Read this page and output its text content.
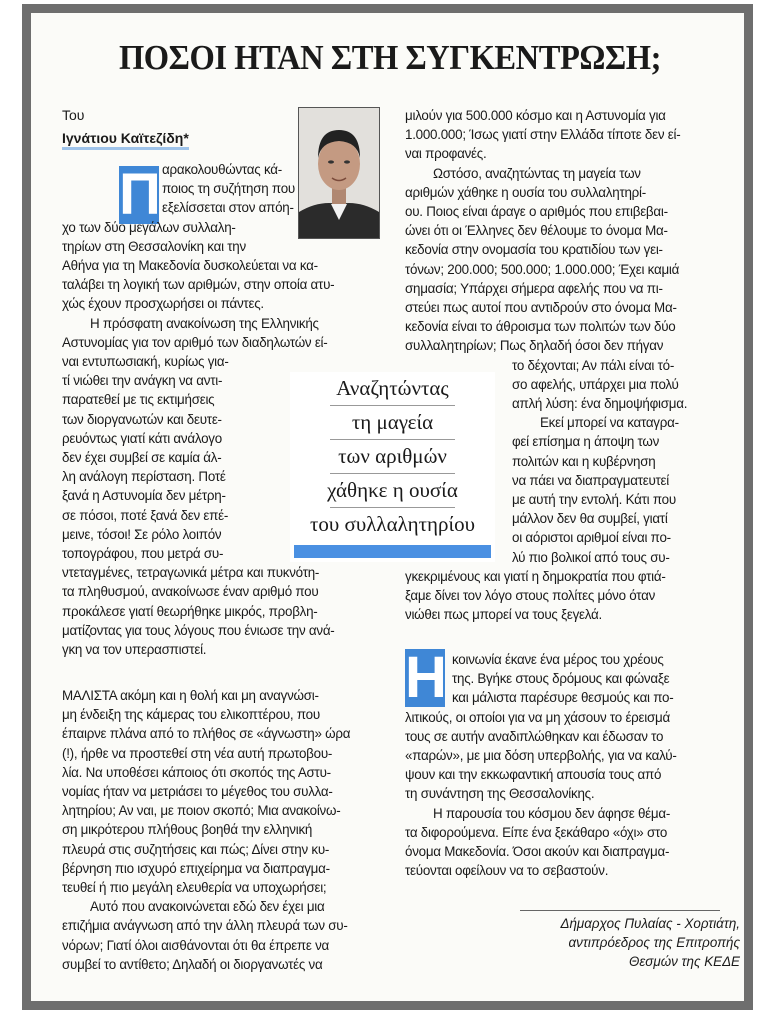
ΠΟΣΟΙ ΗΤΑΝ ΣΤΗ ΣΥΓΚΕΝΤΡΩΣΗ;
Του
Ιγνάτιου Καϊτεζίδη*
Π
Η

αρακολουθώντας κά-

ποιος τη συζήτηση που

εξελίσσεται στον απόη-

χο των δύο μεγάλων συλλαλη-

τηρίων στη Θεσσαλονίκη και την

Αθήνα για τη Μακεδονία δυσκολεύεται να κα-

ταλάβει τη λογική των αριθμών, στην οποία ατυ-

χώς έχουν προσχωρήσει οι πάντες.

Η πρόσφατη ανακοίνωση της Ελληνικής

Αστυνομίας για τον αριθμό των διαδηλωτών εί-

ναι εντυπωσιακή, κυρίως για-

τί νιώθει την ανάγκη να αντι-

παρατεθεί με τις εκτιμήσεις

των διοργανωτών και δευτε-

ρευόντως γιατί κάτι ανάλογο

δεν έχει συμβεί σε καμία άλ-

λη ανάλογη περίσταση. Ποτέ

ξανά η Αστυνομία δεν μέτρη-

σε πόσοι, ποτέ ξανά δεν επέ-

μεινε, τόσοι! Σε ρόλο λοιπόν

τοπογράφου, που μετρά συ-

ντεταγμένες, τετραγωνικά μέτρα και πυκνότη-

τα πληθυσμού, ανακοίνωσε έναν αριθμό που

προκάλεσε γιατί θεωρήθηκε μικρός, προβλη-

ματίζοντας για τους λόγους που ένιωσε την ανά-

γκη να τον υπερασπιστεί.

ΜΑΛΙΣΤΑ ακόμη και η θολή και μη αναγνώσι-

μη ένδειξη της κάμερας του ελικοπτέρου, που

έπαιρνε πλάνα από το πλήθος σε «άγνωστη» ώρα

(!), ήρθε να προστεθεί στη νέα αυτή πρωτοβου-

λία. Να υποθέσει κάποιος ότι σκοπός της Αστυ-

νομίας ήταν να μετριάσει το μέγεθος του συλλα-

λητηρίου; Αν ναι, με ποιον σκοπό; Μια ανακοίνω-

ση μικρότερου πλήθους βοηθά την ελληνική

πλευρά στις συζητήσεις και πώς; Δίνει στην κυ-

βέρνηση πιο ισχυρό επιχείρημα να διαπραγμα-

τευθεί ή πιο μεγάλη ελευθερία να υποχωρήσει;

Αυτό που ανακοινώνεται εδώ δεν έχει μια

επιζήμια ανάγνωση από την άλλη πλευρά των συ-

νόρων; Γιατί όλοι αισθάνονται ότι θα έπρεπε να

συμβεί το αντίθετο; Δηλαδή οι διοργανωτές να

μιλούν για 500.000 κόσμο και η Αστυνομία για

1.000.000; Ίσως γιατί στην Ελλάδα τίποτε δεν εί-

ναι προφανές.

Ωστόσο, αναζητώντας τη μαγεία των

αριθμών χάθηκε η ουσία του συλλαλητηρί-

ου. Ποιος είναι άραγε ο αριθμός που επιβεβαι-

ώνει ότι οι Έλληνες δεν θέλουμε το όνομα Μα-

κεδονία στην ονομασία του κρατιδίου των γει-

τόνων; 200.000; 500.000; 1.000.000; Έχει καμιά

σημασία; Υπάρχει σήμερα αφελής που να πι-

στεύει πως αυτοί που αντιδρούν στο όνομα Μα-

κεδονία είναι το άθροισμα των πολιτών των δύο

συλλαλητηρίων; Πως δηλαδή όσοι δεν πήγαν

το δέχονται; Αν πάλι είναι τό-

σο αφελής, υπάρχει μια πολύ

απλή λύση: ένα δημοψήφισμα.

Εκεί μπορεί να καταγρα-

φεί επίσημα η άποψη των

πολιτών και η κυβέρνηση

να πάει να διαπραγματευτεί

με αυτή την εντολή. Κάτι που

μάλλον δεν θα συμβεί, γιατί

οι αόριστοι αριθμοί είναι πο-

λύ πιο βολικοί από τους συ-

γκεκριμένους και γιατί η δημοκρατία που φτιά-

ξαμε δίνει τον λόγο στους πολίτες μόνο όταν

νιώθει πως μπορεί να τους ξεγελά.

κοινωνία έκανε ένα μέρος του χρέους

της. Βγήκε στους δρόμους και φώναξε

και μάλιστα παρέσυρε θεσμούς και πο-

λιτικούς, οι οποίοι για να μη χάσουν το έρεισμά

τους σε αυτήν αναδιπλώθηκαν και έδωσαν το

«παρών», με μια δόση υπερβολής, για να καλύ-

ψουν και την εκκωφαντική απουσία τους από

τη συνάντηση της Θεσσαλονίκης.

Η παρουσία του κόσμου δεν άφησε θέμα-

τα διφορούμενα. Είπε ένα ξεκάθαρο «όχι» στο

όνομα Μακεδονία. Όσοι ακούν και διαπραγμα-

τεύονται οφείλουν να το σεβαστούν.

Αναζητώντας
τη μαγεία
των αριθμών
χάθηκε η ουσία
του συλλαλητηρίου
Δήμαρχος Πυλαίας - Χορτιάτη,
αντιπρόεδρος της Επιτροπής
Θεσμών της ΚΕΔΕ
